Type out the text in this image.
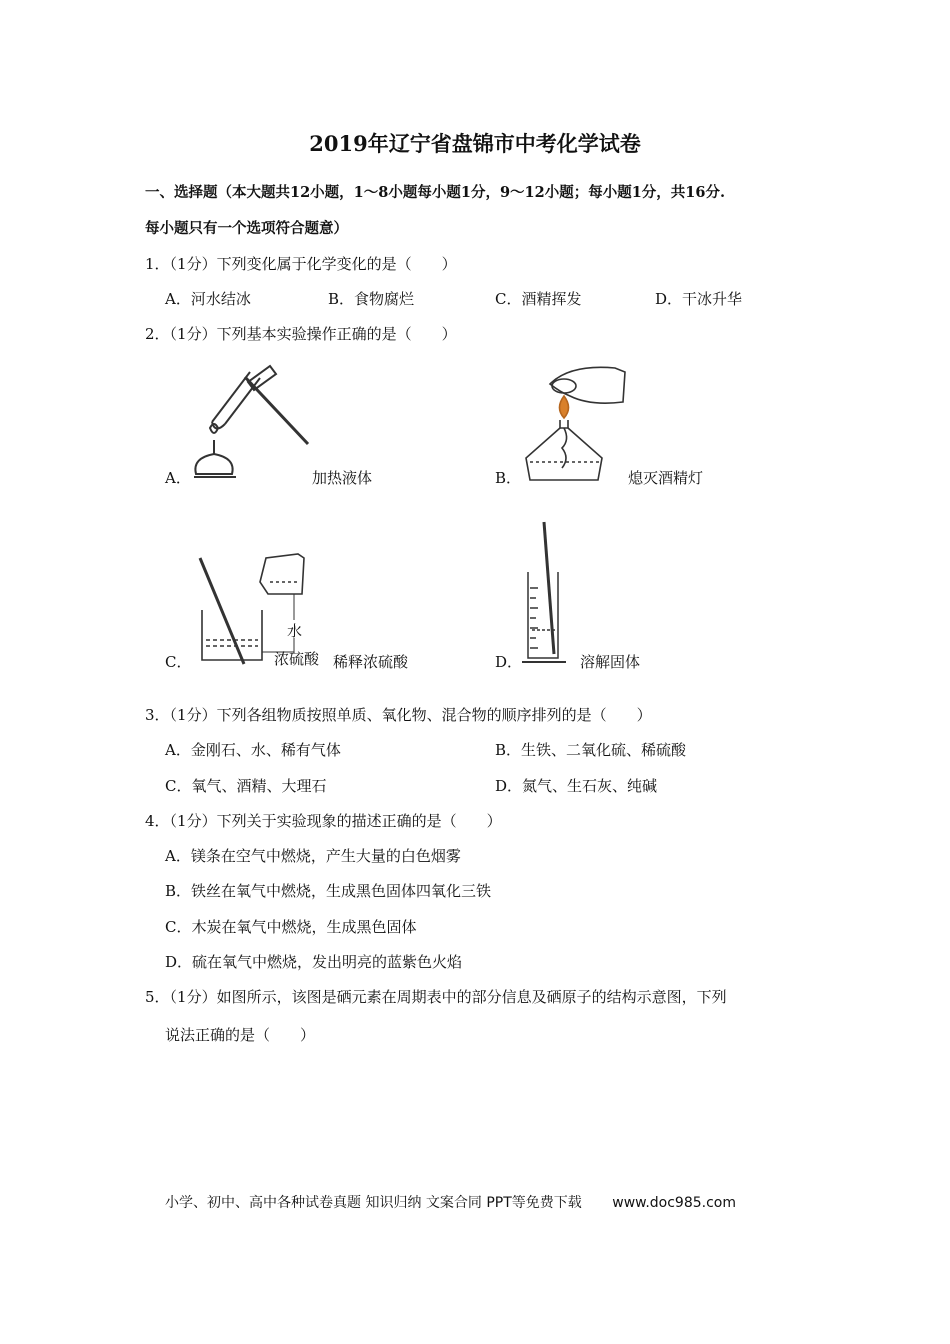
2019年辽宁省盘锦市中考化学试卷
一、选择题（本大题共12小题，1～8小题每小题1分，9～12小题；每小题1分，共16分.
每小题只有一个选项符合题意）
1．（1分）下列变化属于化学变化的是（　　）
A．河水结冰	B．食物腐烂	C．酒精挥发	D．干冰升华
2．（1分）下列基本实验操作正确的是（　　）
A．	加热液体	B．	熄灭酒精灯
水
浓硫酸
C．	稀释浓硫酸	D．	溶解固体
3．（1分）下列各组物质按照单质、氧化物、混合物的顺序排列的是（　　）
A．金刚石、水、稀有气体	B．生铁、二氧化硫、稀硫酸
C．氧气、酒精、大理石	D．氮气、生石灰、纯碱
4．（1分）下列关于实验现象的描述正确的是（　　）
A．镁条在空气中燃烧，产生大量的白色烟雾
B．铁丝在氧气中燃烧，生成黑色固体四氧化三铁
C．木炭在氧气中燃烧，生成黑色固体
D．硫在氧气中燃烧，发出明亮的蓝紫色火焰
5．（1分）如图所示，该图是硒元素在周期表中的部分信息及硒原子的结构示意图，下列
说法正确的是（　　）
小学、初中、高中各种试卷真题 知识归纳 文案合同 PPT等免费下载 www.doc985.com
